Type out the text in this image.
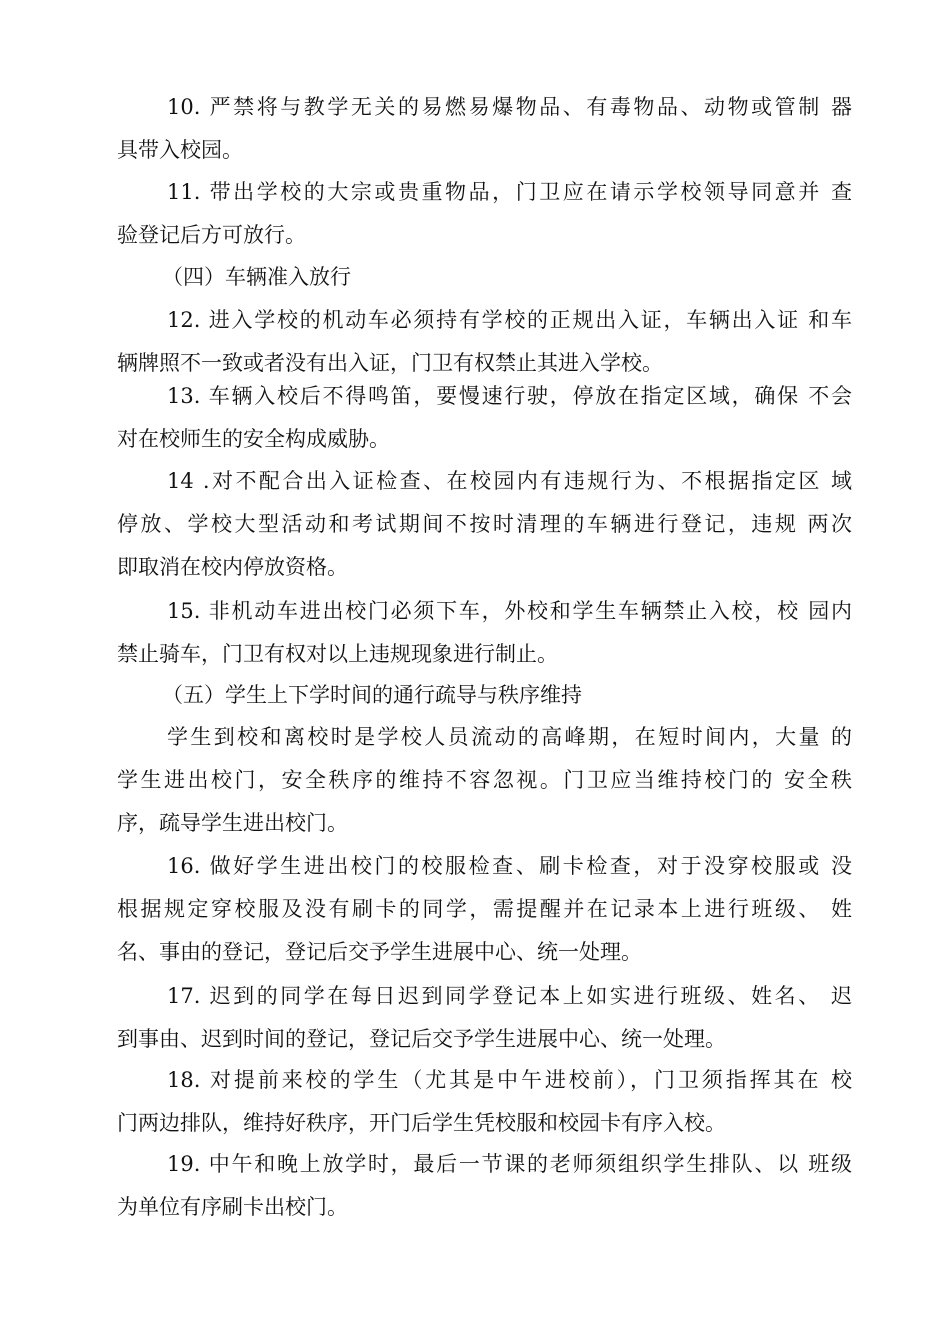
10. 严禁将与教学无关的易燃易爆物品、有毒物品、动物或管制 器
具带入校园。
11. 带出学校的大宗或贵重物品，门卫应在请示学校领导同意并 查
验登记后方可放行。
（四）车辆准入放行
12. 进入学校的机动车必须持有学校的正规出入证，车辆出入证 和车
辆牌照不一致或者没有出入证，门卫有权禁止其进入学校。
13. 车辆入校后不得鸣笛，要慢速行驶，停放在指定区域，确保 不会
对在校师生的安全构成威胁。
14 .对不配合出入证检查、在校园内有违规行为、不根据指定区 域
停放、学校大型活动和考试期间不按时清理的车辆进行登记，违规 两次
即取消在校内停放资格。
15. 非机动车进出校门必须下车，外校和学生车辆禁止入校，校 园内
禁止骑车，门卫有权对以上违规现象进行制止。
（五）学生上下学时间的通行疏导与秩序维持
学生到校和离校时是学校人员流动的高峰期，在短时间内，大量 的
学生进出校门，安全秩序的维持不容忽视。门卫应当维持校门的 安全秩
序，疏导学生进出校门。
16. 做好学生进出校门的校服检查、刷卡检查，对于没穿校服或 没
根据规定穿校服及没有刷卡的同学，需提醒并在记录本上进行班级、 姓
名、事由的登记，登记后交予学生进展中心、统一处理。
17. 迟到的同学在每日迟到同学登记本上如实进行班级、姓名、 迟
到事由、迟到时间的登记，登记后交予学生进展中心、统一处理。
18. 对提前来校的学生（尤其是中午进校前），门卫须指挥其在 校
门两边排队，维持好秩序，开门后学生凭校服和校园卡有序入校。
19. 中午和晚上放学时，最后一节课的老师须组织学生排队、以 班级
为单位有序刷卡出校门。
